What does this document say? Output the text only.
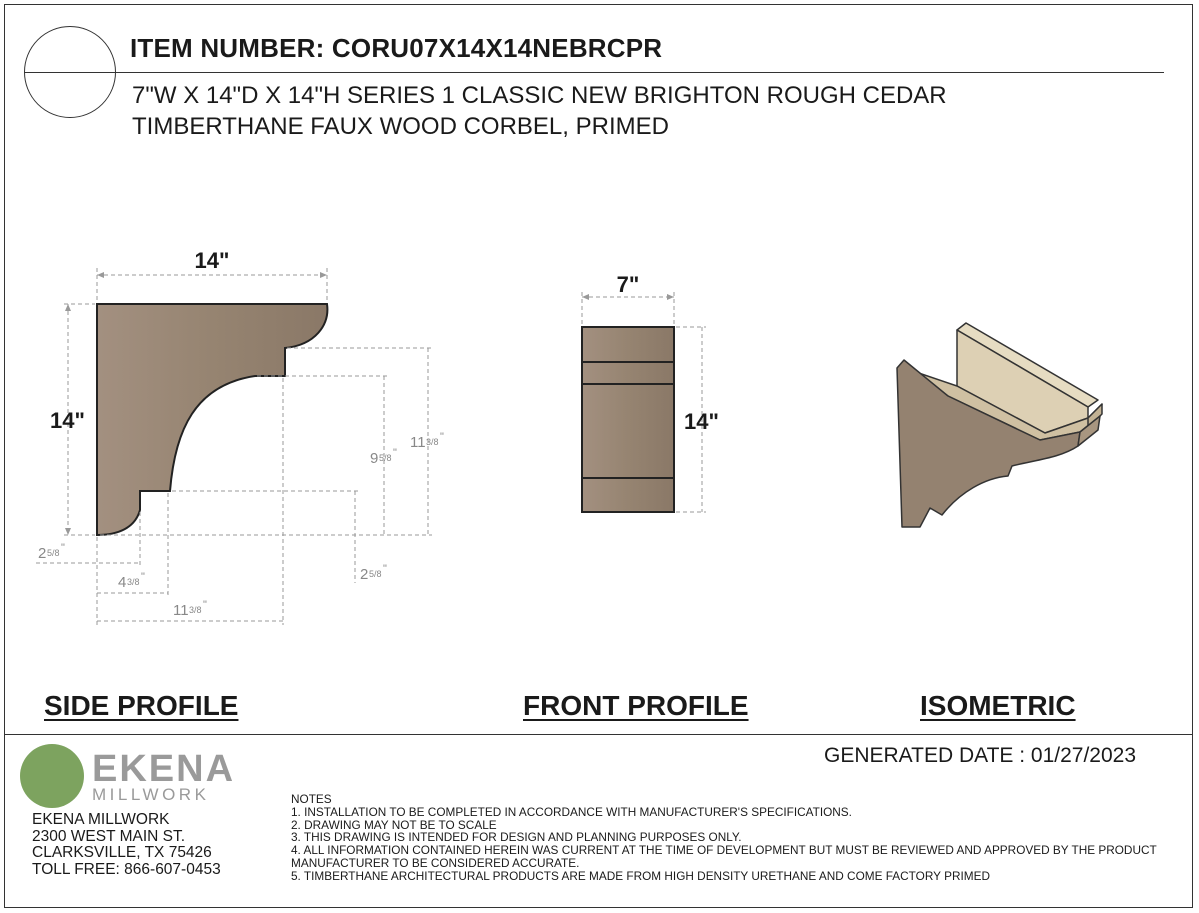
ITEM NUMBER: CORU07X14X14NEBRCPR
7"W X 14"D X 14"H SERIES 1 CLASSIC NEW BRIGHTON ROUGH CEDAR
TIMBERTHANE FAUX WOOD CORBEL, PRIMED
14"
14"
9 5/8 "
11 3/8 "
2 5/8 "
4 3/8 "	2 5/8 "
11 3/8 "
7"
14"
SIDE PROFILE	FRONT PROFILE	ISOMETRIC
GENERATED DATE : 01/27/2023
EKENA
MILLWORK
EKENA MILLWORK
2300 WEST MAIN ST.
CLARKSVILLE, TX 75426
TOLL FREE: 866-607-0453
NOTES
1. INSTALLATION TO BE COMPLETED IN ACCORDANCE WITH MANUFACTURER'S SPECIFICATIONS.
2. DRAWING MAY NOT BE TO SCALE
3. THIS DRAWING IS INTENDED FOR DESIGN AND PLANNING PURPOSES ONLY.
4. ALL INFORMATION CONTAINED HEREIN WAS CURRENT AT THE TIME OF DEVELOPMENT BUT MUST BE REVIEWED AND APPROVED BY THE PRODUCT MANUFACTURER TO BE CONSIDERED ACCURATE.
5. TIMBERTHANE ARCHITECTURAL PRODUCTS ARE MADE FROM HIGH DENSITY URETHANE AND COME FACTORY PRIMED
